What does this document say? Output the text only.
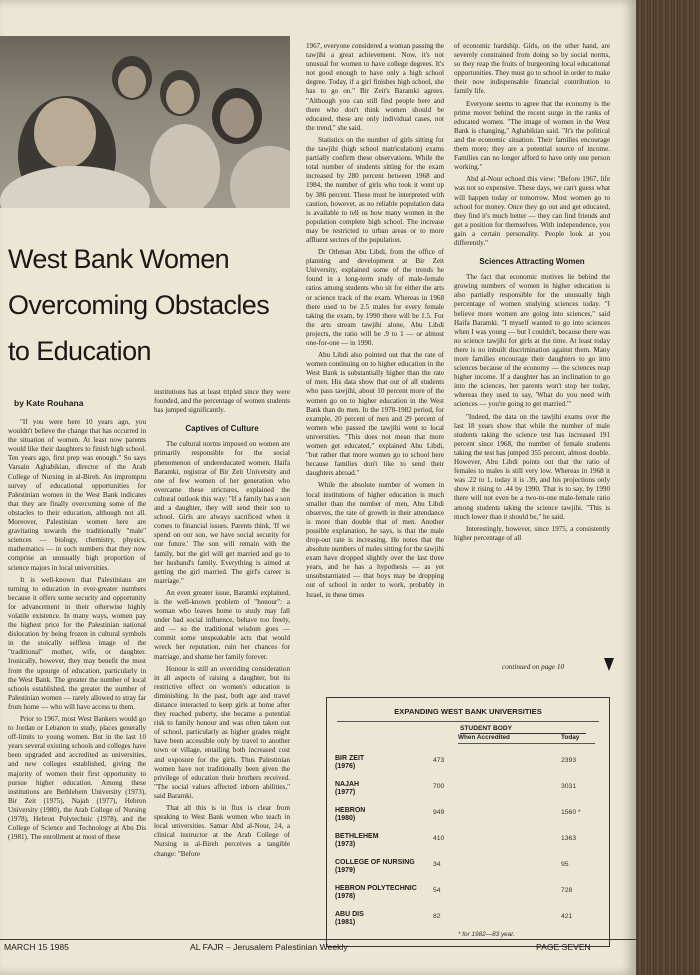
West Bank Women
Overcoming Obstacles
to Education
by Kate Rouhana

"If you were here 10 years ago, you wouldn't believe the change that has occurred in the situation of women. At least now parents would like their daughters to finish high school. Ten years ago, first prep was enough." So says Varsain Aghabikian, director of the Arab College of Nursing in al-Bireh. An impromptu survey of educational opportunities for Palestinian women in the West Bank indicates that they are finally overcoming some of the obstacles to their education, although not all. Moreover, Palestinian women here are gravitating towards the traditionally "male" sciences — biology, chemistry, physics, mathematics — in such numbers that they now comprise an unusually high proportion of science majors in local universities.

It is well-known that Palestinians are turning to education in ever-greater numbers because it offers some security and opportunity for advancement in their otherwise highly volatile existence. In many ways, women pay the highest price for the Palestinian national dislocation by being frozen in cultural symbols in the stoically selfless image of the "traditional" mother, wife, or daughter. Ironically, however, they may benefit the most from the upsurge of education, particularly in the West Bank. The greater the number of local schools established, the greater the number of Palestinian women — rarely allowed to stray far from home — who will have access to them.

Prior to 1967, most West Bankers would go to Jordan or Lebanon to study, places generally off-limits to young women. But in the last 10 years several existing schools and colleges have been upgraded and accredited as universities, and new colleges established, giving the majority of women their first opportunity to pursue higher education. Among these institutions are Bethlehem University (1973), Bir Zeit (1975), Najah (1977), Hebron University (1980), the Arab College of Nursing (1978), Hebron Polytechnic (1978), and the College of Science and Technology at Abu Dis (1981). The enrollment at most of these

institutions has at least tripled since they were founded, and the percentage of women students has jumped significantly.

Captives of Culture

The cultural norms imposed on women are primarily responsible for the social phenomenon of undereducated women. Haifa Baramki, registrar of Bir Zeit University and one of few women of her generation who overcame these strictures, explained the cultural outlook this way: "If a family has a son and a daughter, they will send their son to school. Girls are always sacrificed when it comes to financial issues. Parents think, 'If we spend on our son, we have social security for our future.' The son will remain with the family, but the girl will get married and go to her husband's family. Everything is aimed at getting the girl married. The girl's career is marriage."

An even greater issue, Baramki explained, is the well-known problem of "honour": a woman who leaves home to study may fall under bad social influence, behave too freely, and — so the traditional wisdom goes — commit some unspeakable acts that would wreck her reputation, ruin her chances for marriage, and shame her family forever.

Honour is still an overriding consideration in all aspects of raising a daughter, but its restrictive effect on women's education is diminishing. In the past, both age and travel distance interacted to keep girls at home after they reached puberty, she became a potential risk to family honour and was often taken out of school, particularly as higher grades might have been accessible only by travel to another town or village, entailing both increased cost and exposure for the girls. Thus Palestinian women have not traditionally been given the privilege of education their brothers received. "The social values affected inborn abilities," said Baramki.

That all this is in flux is clear from speaking to West Bank women who teach in local universities. Samar Abd al-Nour, 24, a clinical instructor at the Arab College of Nursing in al-Bireh perceives a tangible change: "Before

1967, everyone considered a woman passing the tawjihi a great achievement. Now, it's not unusual for women to have college degrees. It's not good enough to have only a high school degree. Today, if a girl finishes high school, she has to go on." Bir Zeit's Baramki agrees. "Although you can still find people here and there who don't think women should be educated, these are only individual cases, not the trend," she said.

Statistics on the number of girls sitting for the tawjihi (high school matriculation) exams partially confirm these observations. While the total number of students sitting for the exam increased by 280 percent between 1968 and 1984, the number of girls who took it went up by 386 percent. These must be interpreted with caution, however, as no reliable population data is available to tell us how many women in the population complete high school. The increase may be restricted to urban areas or to more affluent sectors of the population.

Dr Othman Abu Libdi, from the office of planning and development at Bir Zeit University, explained some of the trends he found in a long-term study of male-female ratios among students who sit for either the arts or science track of the exam. Whereas in 1968 there used to be 2.5 males for every female taking the exam, by 1990 there will be 1.5. For the arts stream tawjihi alone, Abu Libdi projects, the ratio will be .9 to 1 — or almost one-for-one — in 1990.

Abu Libdi also pointed out that the rate of women continuing on to higher education in the West Bank is substantially higher than the rate of men. His data show that out of all students who pass tawjihi, about 10 percent more of the women go on to higher education in the West Bank than do men. In the 1978-1982 period, for example, 20 percent of men and 29 percent of women who passed the tawjihi went to local universities. "This does not mean that more women get educated," explained Abu Libdi, "but rather that more women go to school here because families don't like to send their daughters abroad."

While the absolute number of women in local institutions of higher education is much smaller than the number of men, Abu Libdi observes, the rate of growth in their attendance is more than double that of men. Another possible explanation, he says, is that the male drop-out rate is increasing. He notes that the absolute numbers of males sitting for the tawjihi exam have dropped slightly over the last three years, and he has a hypothesis — as yet unsubstantiated — that boys may be dropping out of school in order to work, probably in Israel, in these times

of economic hardship. Girls, on the other hand, are severely constrained from doing so by social norms, so they reap the fruits of burgeoning local educational opportunities. They must go to school in order to make their now indispensable financial contribution to family life.

Everyone seems to agree that the economy is the prime mover behind the recent surge in the ranks of educated women. "The image of women in the West Bank is changing," Aghabikian said. "It's the political and the economic situation. Their families encourage them more; they are a potential source of income. Families can no longer afford to have only one person working."

Abd al-Nour echoed this view: "Before 1967, life was not so expensive. These days, we can't guess what will happen today or tomorrow. Most women go to school for money. Once they go out and get educated, they find it's much better — they can find friends and get a position for themselves. With independence, you gain a certain personality. People look at you differently."

Sciences Attracting Women

The fact that economic motives lie behind the growing numbers of women in higher education is also partially responsible for the unusually high percentage of women studying sciences today. "I believe more women are going into sciences," said Haifa Baramki. "I myself wanted to go into sciences when I was young — but I couldn't, because there was no science tawjihi for girls at the time. At least today there is no inbuilt discrimination against them. Many more families encourage their daughters to go into sciences because of the economy — the sciences reap higher income. If a daughter has an inclination to go into the sciences, her parents won't stop her today, whereas they used to say, 'What do you need with sciences — you're going to get married.'"

"Indeed, the data on the tawjihi exams over the last 18 years show that while the number of male students taking the science test has increased 191 percent since 1968, the number of female students taking the test has jumped 355 percent, almost double. However, Abu Libdi points out that the ratio of females to males is still very low. Whereas in 1968 it was .22 to 1, today it is .39, and his projections only show it rising to .44 by 1990. That is to say, by 1990 there will not even be a two-to-one male-female ratio among students taking the science tawjihi. "This is much lower than it should be," he said.

Interestingly, however, since 1975, a consistently higher percentage of all

continued on page 10
EXPANDING WEST BANK UNIVERSITIES
STUDENT BODY
When Accredited	Today
BIR ZEIT
(1976)
473	2393
NAJAH
(1977)
700	3031
HEBRON
(1980)
949	1560 *
BETHLEHEM
(1973)
410	1363
COLLEGE OF NURSING
(1979)
34	95
HEBRON POLYTECHNIC
(1978)
54	728
ABU DIS
(1981)
82	421
* for 1982—83 year.
MARCH 15 1985	AL FAJR – Jerusalem Palestinian Weekly	PAGE SEVEN
